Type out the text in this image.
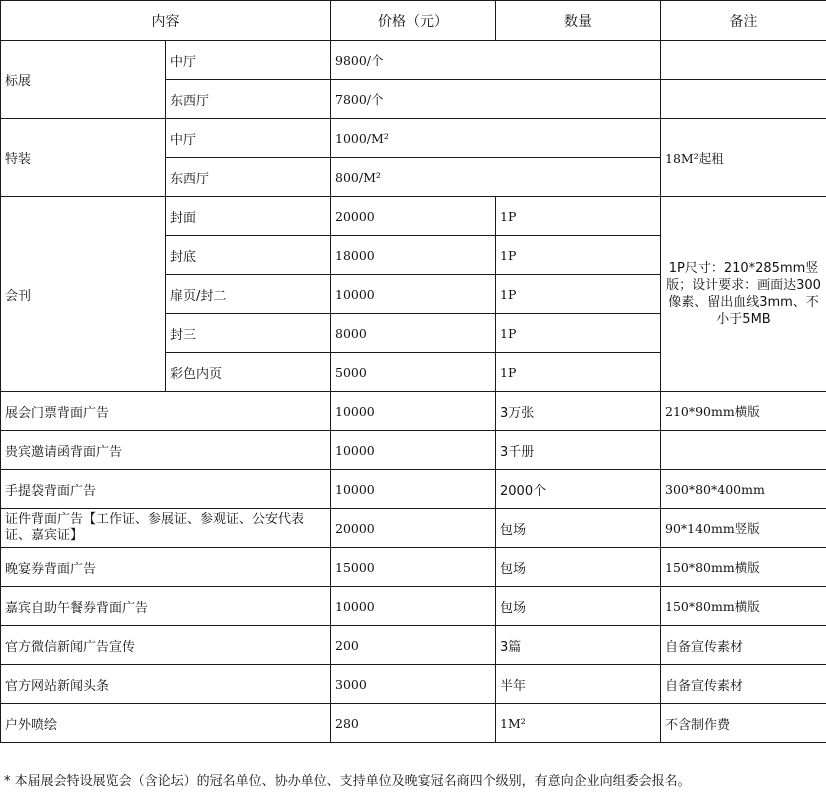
内容		价格（元）	数量	备注
标展	中厅	9800/个		
	东西厅	7800/个		
特装	中厅	1000/M²		18M²起租
	东西厅	800/M²		
会刊	封面	20000	1P	1P尺寸：210*285mm竖版；设计要求：画面达300像素、留出血线3mm、不小于5MB
	封底	18000	1P	
	扉页/封二	10000	1P	
	封三	8000	1P	
	彩色内页	5000	1P	
展会门票背面广告		10000	3万张	210*90mm横版
贵宾邀请函背面广告		10000	3千册	
手提袋背面广告		10000	2000个	300*80*400mm
证件背面广告【工作证、参展证、参观证、公安代表证、嘉宾证】		20000	包场	90*140mm竖版
晚宴券背面广告		15000	包场	150*80mm横版
嘉宾自助午餐券背面广告		10000	包场	150*80mm横版
官方微信新闻广告宣传		200	3篇	自备宣传素材
官方网站新闻头条		3000	半年	自备宣传素材
户外喷绘		280	1M²	不含制作费
* 本届展会特设展览会（含论坛）的冠名单位、协办单位、支持单位及晚宴冠名商四个级别，有意向企业向组委会报名。
